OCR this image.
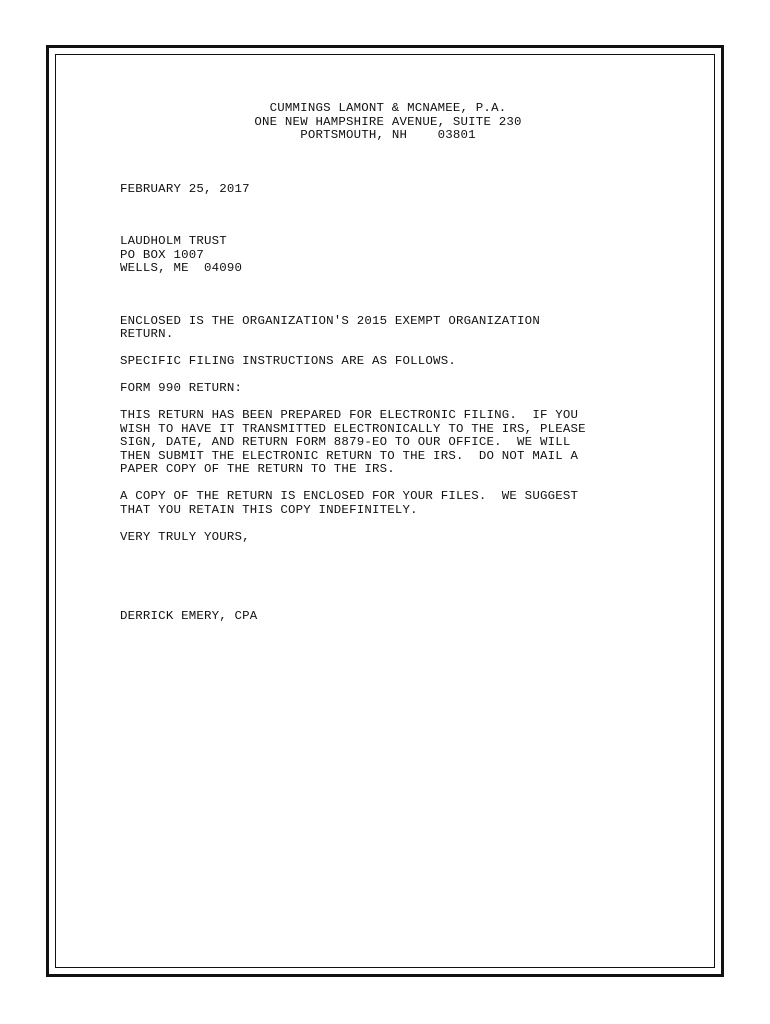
CUMMINGS LAMONT & MCNAMEE, P.A.
ONE NEW HAMPSHIRE AVENUE, SUITE 230
PORTSMOUTH, NH    03801
FEBRUARY 25, 2017
LAUDHOLM TRUST
PO BOX 1007
WELLS, ME  04090
ENCLOSED IS THE ORGANIZATION'S 2015 EXEMPT ORGANIZATION
RETURN.
SPECIFIC FILING INSTRUCTIONS ARE AS FOLLOWS.
FORM 990 RETURN:
THIS RETURN HAS BEEN PREPARED FOR ELECTRONIC FILING.  IF YOU
WISH TO HAVE IT TRANSMITTED ELECTRONICALLY TO THE IRS, PLEASE
SIGN, DATE, AND RETURN FORM 8879-EO TO OUR OFFICE.  WE WILL
THEN SUBMIT THE ELECTRONIC RETURN TO THE IRS.  DO NOT MAIL A
PAPER COPY OF THE RETURN TO THE IRS.
A COPY OF THE RETURN IS ENCLOSED FOR YOUR FILES.  WE SUGGEST
THAT YOU RETAIN THIS COPY INDEFINITELY.
VERY TRULY YOURS,
DERRICK EMERY, CPA
